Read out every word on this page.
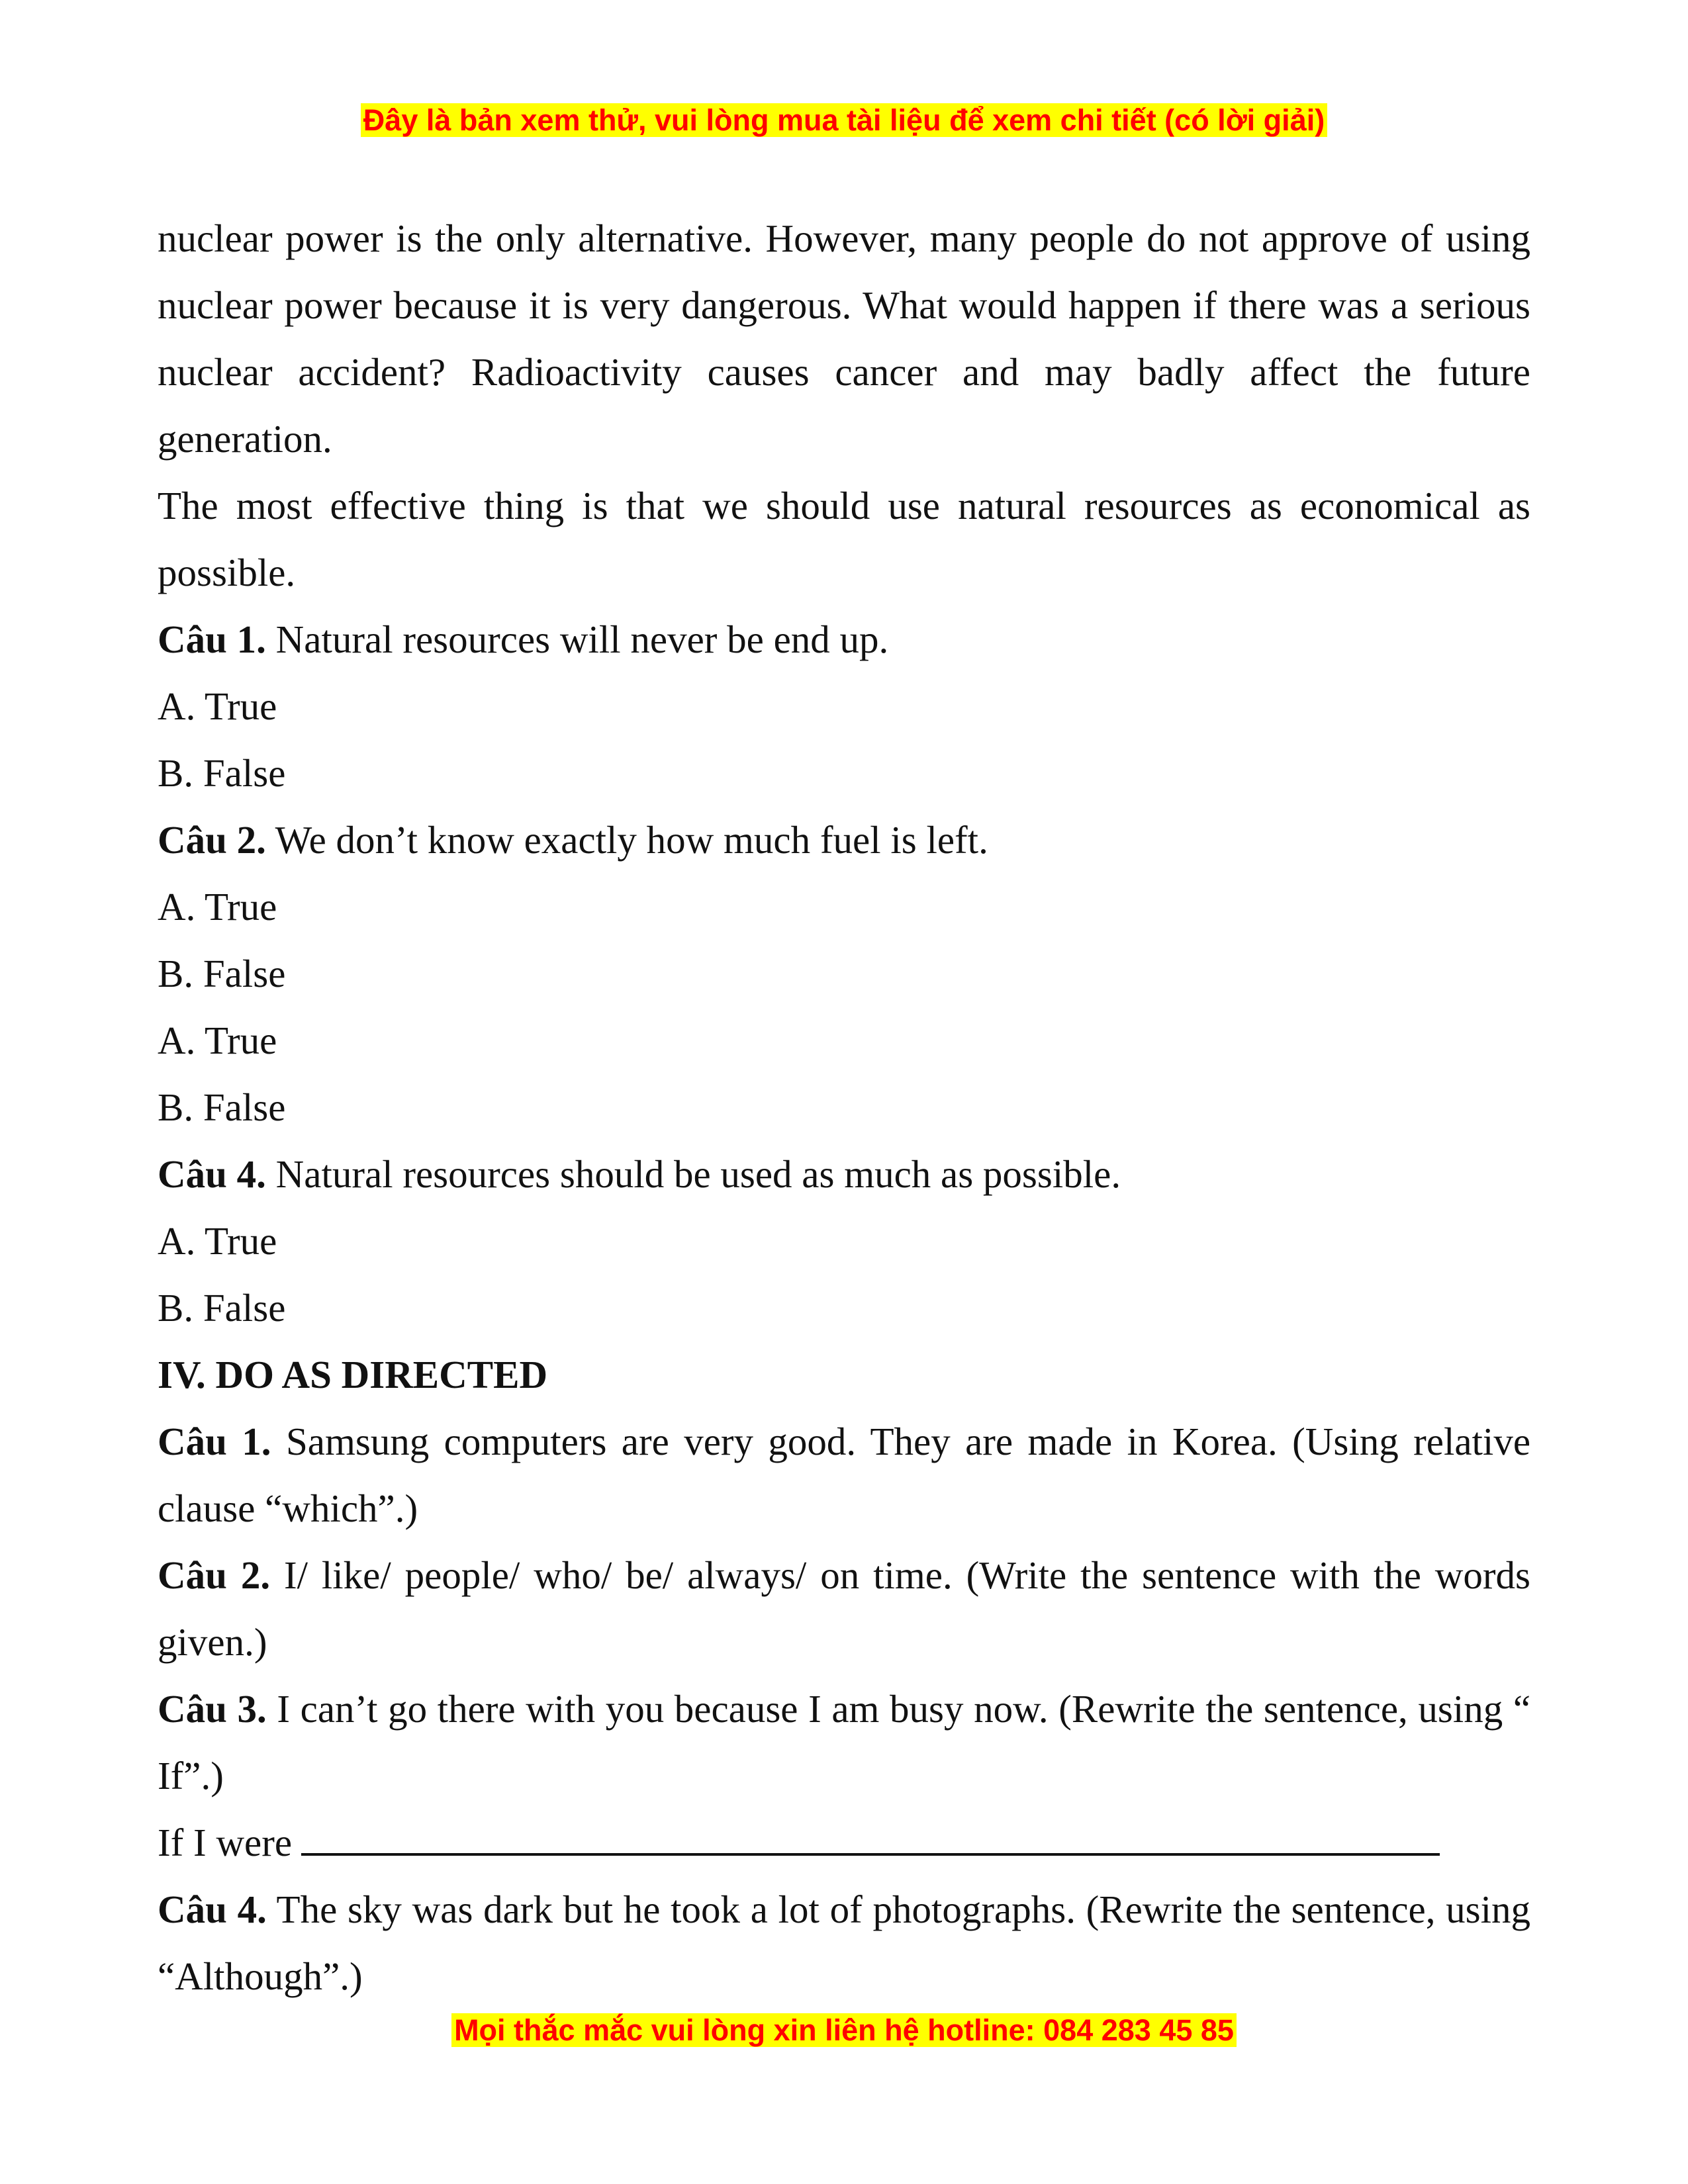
Đây là bản xem thử, vui lòng mua tài liệu để xem chi tiết (có lời giải)
nuclear power is the only alternative. However, many people do not approve of using
nuclear power because it is very dangerous. What would happen if there was a serious
nuclear accident? Radioactivity causes cancer and may badly affect the future
generation.
The most effective thing is that we should use natural resources as economical as
possible.
Câu 1. Natural resources will never be end up.
A. True
B. False
Câu 2. We don’t know exactly how much fuel is left.
A. True
B. False
A. True
B. False
Câu 4. Natural resources should be used as much as possible.
A. True
B. False
IV. DO AS DIRECTED
Câu 1. Samsung computers are very good. They are made in Korea. (Using relative
clause “which”.)
Câu 2. I/ like/ people/ who/ be/ always/ on time. (Write the sentence with the words
given.)
Câu 3. I can’t go there with you because I am busy now. (Rewrite the sentence, using “
If”.)
If I were
Câu 4. The sky was dark but he took a lot of photographs. (Rewrite the sentence, using
“Although”.)
Mọi thắc mắc vui lòng xin liên hệ hotline: 084 283 45 85
